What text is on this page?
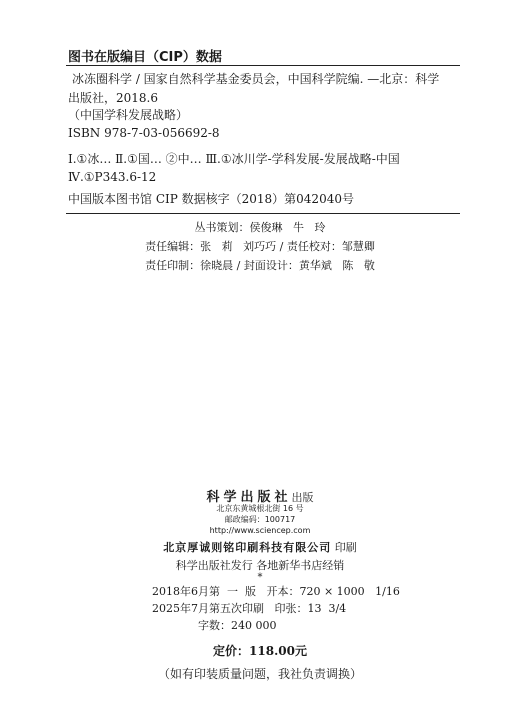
图书在版编目（CIP）数据
冰冻圈科学 / 国家自然科学基金委员会，中国科学院编. —北京：科学
出版社，2018.6
（中国学科发展战略）
ISBN 978-7-03-056692-8
Ⅰ.①冰… Ⅱ.①国… ②中… Ⅲ.①冰川学-学科发展-发展战略-中国
Ⅳ.①P343.6-12
中国版本图书馆 CIP 数据核字（2018）第042040号
丛书策划：侯俊琳   牛   玲
责任编辑：张   莉   刘巧巧 / 责任校对：邹慧卿
责任印制：徐晓晨 / 封面设计：黄华斌   陈   敬
科学出版社出版
北京东黄城根北街 16 号
邮政编码：100717
http://www.sciencep.com
北京厚诚则铭印刷科技有限公司 印刷
科学出版社发行 各地新华书店经销
*
2018年6月第  一  版   开本：720 × 1000   1/16
2025年7月第五次印刷   印张：13  3/4
字数：240 000
定价：118.00元
（如有印装质量问题，我社负责调换）
